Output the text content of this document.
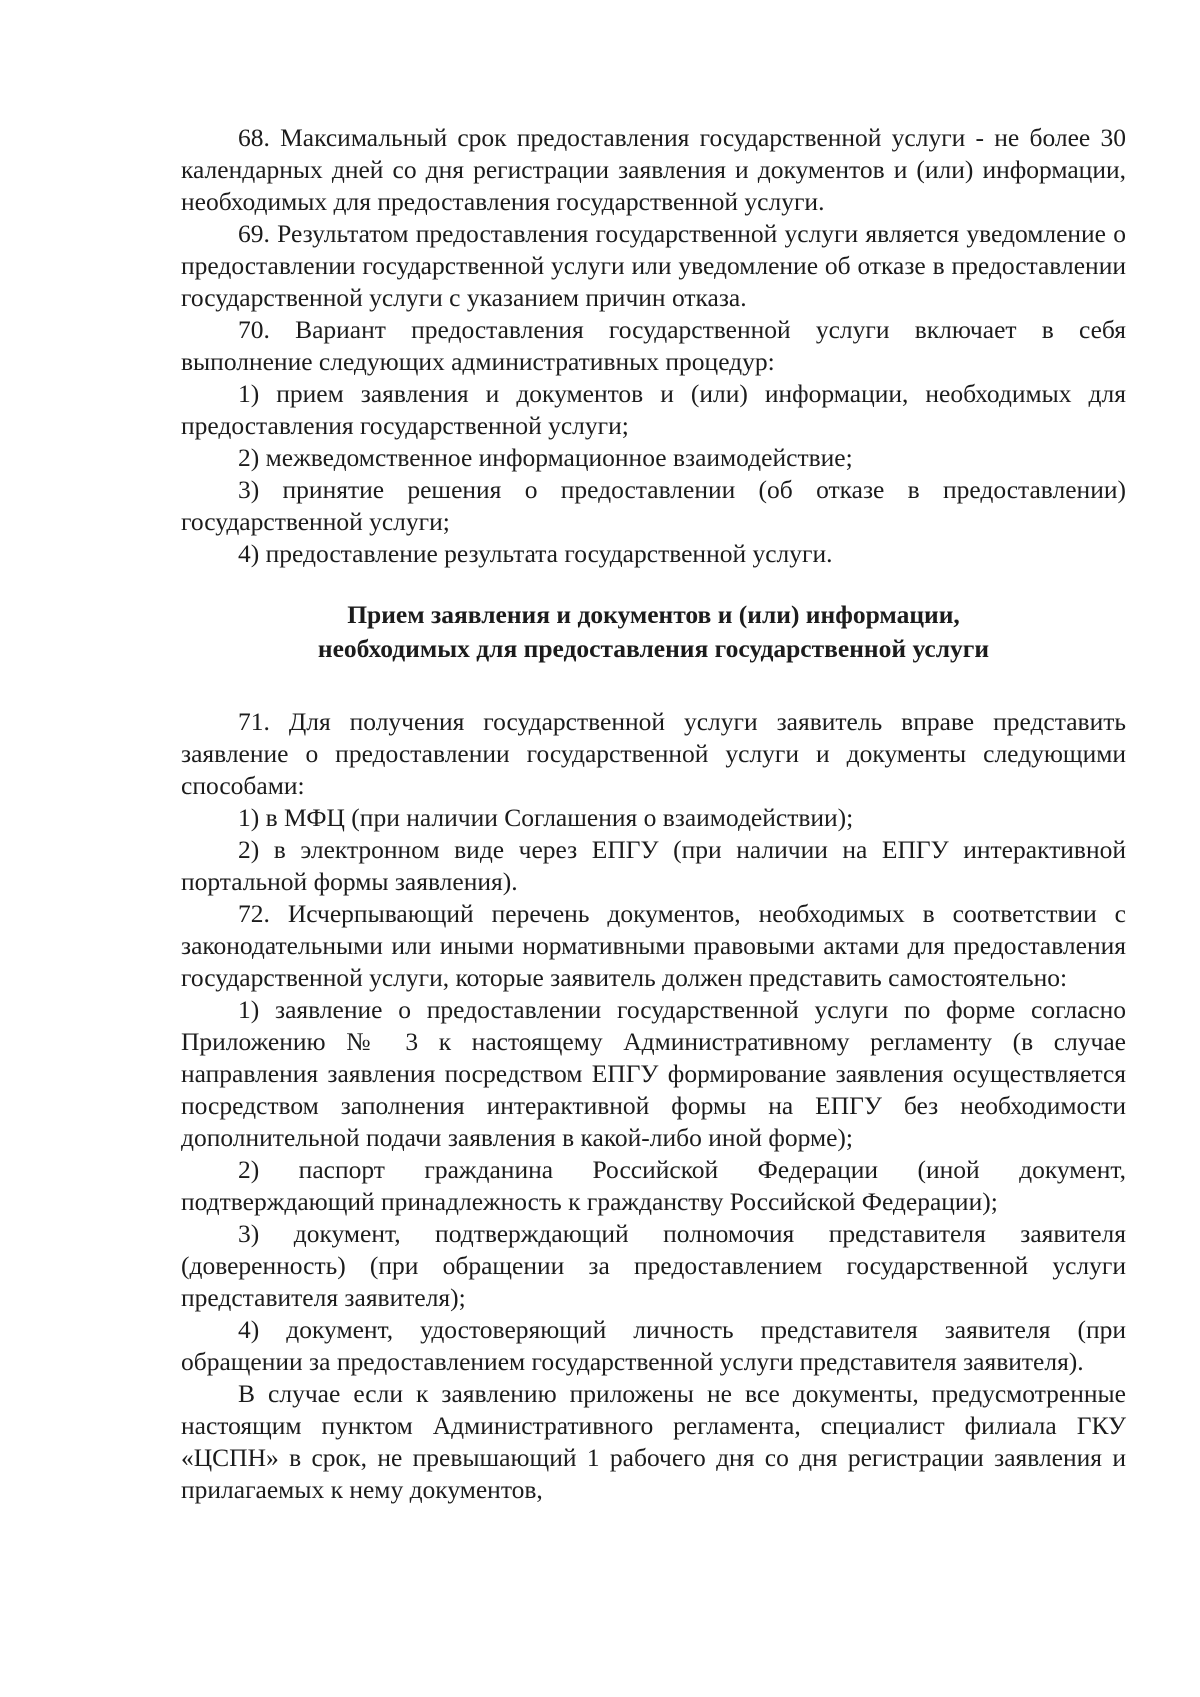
68. Максимальный срок предоставления государственной услуги - не более 30 календарных дней со дня регистрации заявления и документов и (или) информации, необходимых для предоставления государственной услуги.

69. Результатом предоставления государственной услуги является уведомление о предоставлении государственной услуги или уведомление об отказе в предоставлении государственной услуги с указанием причин отказа.

70. Вариант предоставления государственной услуги включает в себя выполнение следующих административных процедур:

1) прием заявления и документов и (или) информации, необходимых для предоставления государственной услуги;

2) межведомственное информационное взаимодействие;

3) принятие решения о предоставлении (об отказе в предоставлении) государственной услуги;

4) предоставление результата государственной услуги.

Прием заявления и документов и (или) информации,
необходимых для предоставления государственной услуги

71. Для получения государственной услуги заявитель вправе представить заявление о предоставлении государственной услуги и документы следующими способами:

1) в МФЦ (при наличии Соглашения о взаимодействии);

2) в электронном виде через ЕПГУ (при наличии на ЕПГУ интерактивной портальной формы заявления).

72. Исчерпывающий перечень документов, необходимых в соответствии с законодательными или иными нормативными правовыми актами для предоставления государственной услуги, которые заявитель должен представить самостоятельно:

1) заявление о предоставлении государственной услуги по форме согласно Приложению № 3 к настоящему Административному регламенту (в случае направления заявления посредством ЕПГУ формирование заявления осуществляется посредством заполнения интерактивной формы на ЕПГУ без необходимости дополнительной подачи заявления в какой-либо иной форме);

2) паспорт гражданина Российской Федерации (иной документ, подтверждающий принадлежность к гражданству Российской Федерации);

3) документ, подтверждающий полномочия представителя заявителя (доверенность) (при обращении за предоставлением государственной услуги представителя заявителя);

4) документ, удостоверяющий личность представителя заявителя (при обращении за предоставлением государственной услуги представителя заявителя).

В случае если к заявлению приложены не все документы, предусмотренные настоящим пунктом Административного регламента, специалист филиала ГКУ «ЦСПН» в срок, не превышающий 1 рабочего дня со дня регистрации заявления и прилагаемых к нему документов,
